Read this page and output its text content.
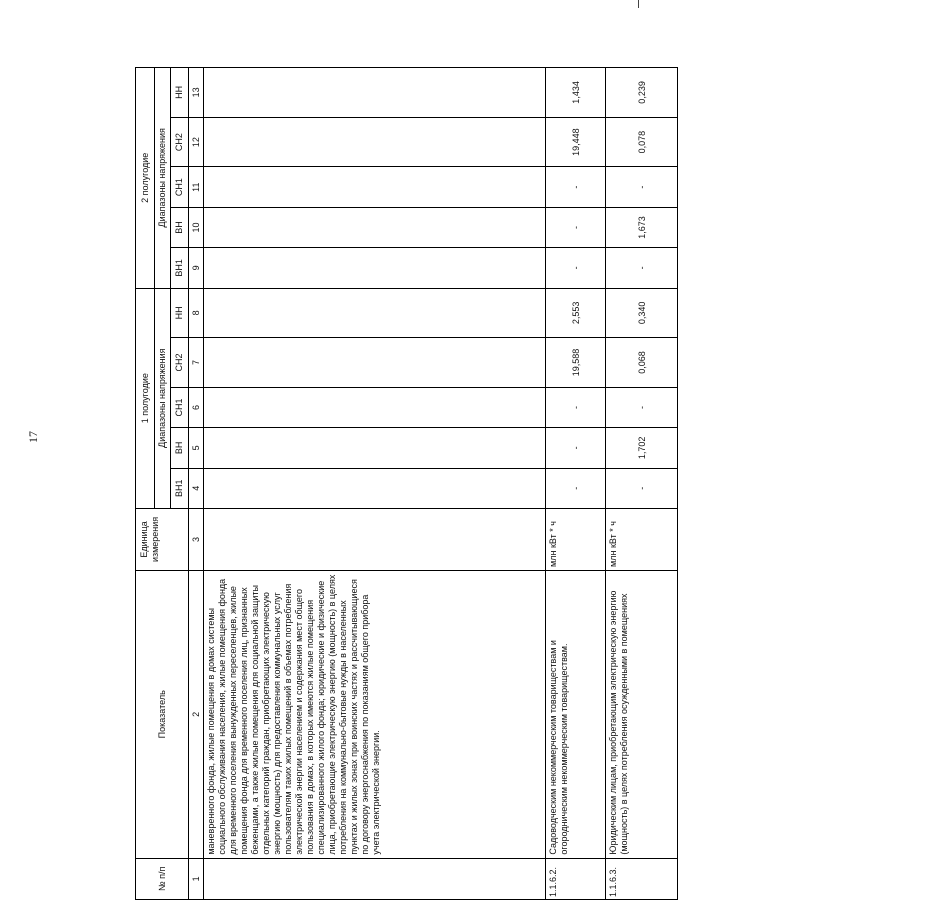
17
№ п/п	Показатель	Единица измерения	1 полугодие					2 полугодие				
			Диапазоны напряжения					Диапазоны напряжения				
			ВН1	ВН	СН1	СН2	НН	ВН1	ВН	СН1	СН2	НН
1	2	3	4	5	6	7	8	9	10	11	12	13
	маневренного фонда, жилые помещения в домах системы социального обслуживания населения, жилые помещения фонда для временного поселения вынужденных переселенцев, жилые помещения фонда для временного поселения лиц, признанных беженцами, а также жилые помещения для социальной защиты отдельных категорий граждан, приобретающих электрическую энергию (мощность) для предоставления коммунальных услуг пользователям таких жилых помещений в объемах потребления электрической энергии населением и содержания мест общего пользования в домах, в которых имеются жилые помещения специализированного жилого фонда; юридические и физические лица, приобретающие электрическую энергию (мощность) в целях потребления на коммунально-бытовые нужды в населенных пунктах и жилых зонах при воинских частях и рассчитывающиеся по договору энергоснабжения по показаниям общего прибора учета электрической энергии.											
1.1.6.2.	Садоводческим некоммерческим товариществам и огородническим некоммерческим товариществам.	млн кВт * ч	-	-	-	19,588	2,553	-	-	-	19,448	1,434
1.1.6.3.	Юридическим лицам, приобретающим электрическую энергию (мощность) в целях потребления осужденными в помещениях	млн кВт * ч	-	1,702	-	0,068	0,340	-	1,673	-	0,078	0,239
